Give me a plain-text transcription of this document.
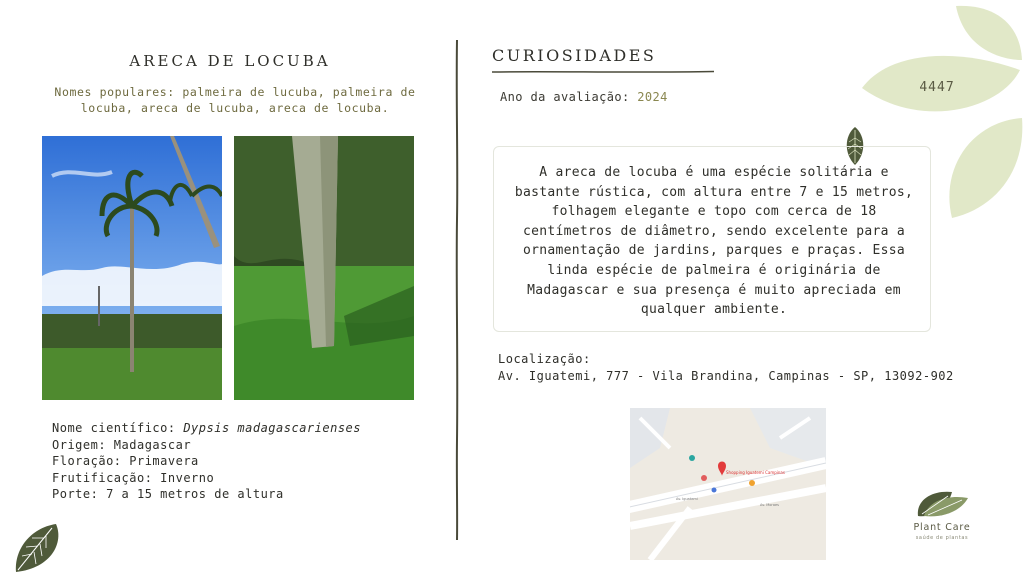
4447
ARECA DE LOCUBA
Nomes populares: palmeira de lucuba, palmeira de locuba, areca de lucuba, areca de locuba.
Nome científico: Dypsis madagascarienses
Origem: Madagascar
Floração: Primavera
Frutificação: Inverno
Porte: 7 a 15 metros de altura
CURIOSIDADES
Ano da avaliação: 2024
A areca de locuba é uma espécie solitária e bastante rústica, com altura entre 7 e 15 metros, folhagem elegante e topo com cerca de 18 centímetros de diâmetro, sendo excelente para a ornamentação de jardins, parques e praças. Essa linda espécie de palmeira é originária de Madagascar e sua presença é muito apreciada em qualquer ambiente.
Localização:
Av. Iguatemi, 777 - Vila Brandina, Campinas - SP, 13092-902
Shopping Iguatemi Campinas
Av. Iguatemi
Av. Moraes
Plant Care
saúde de plantas
